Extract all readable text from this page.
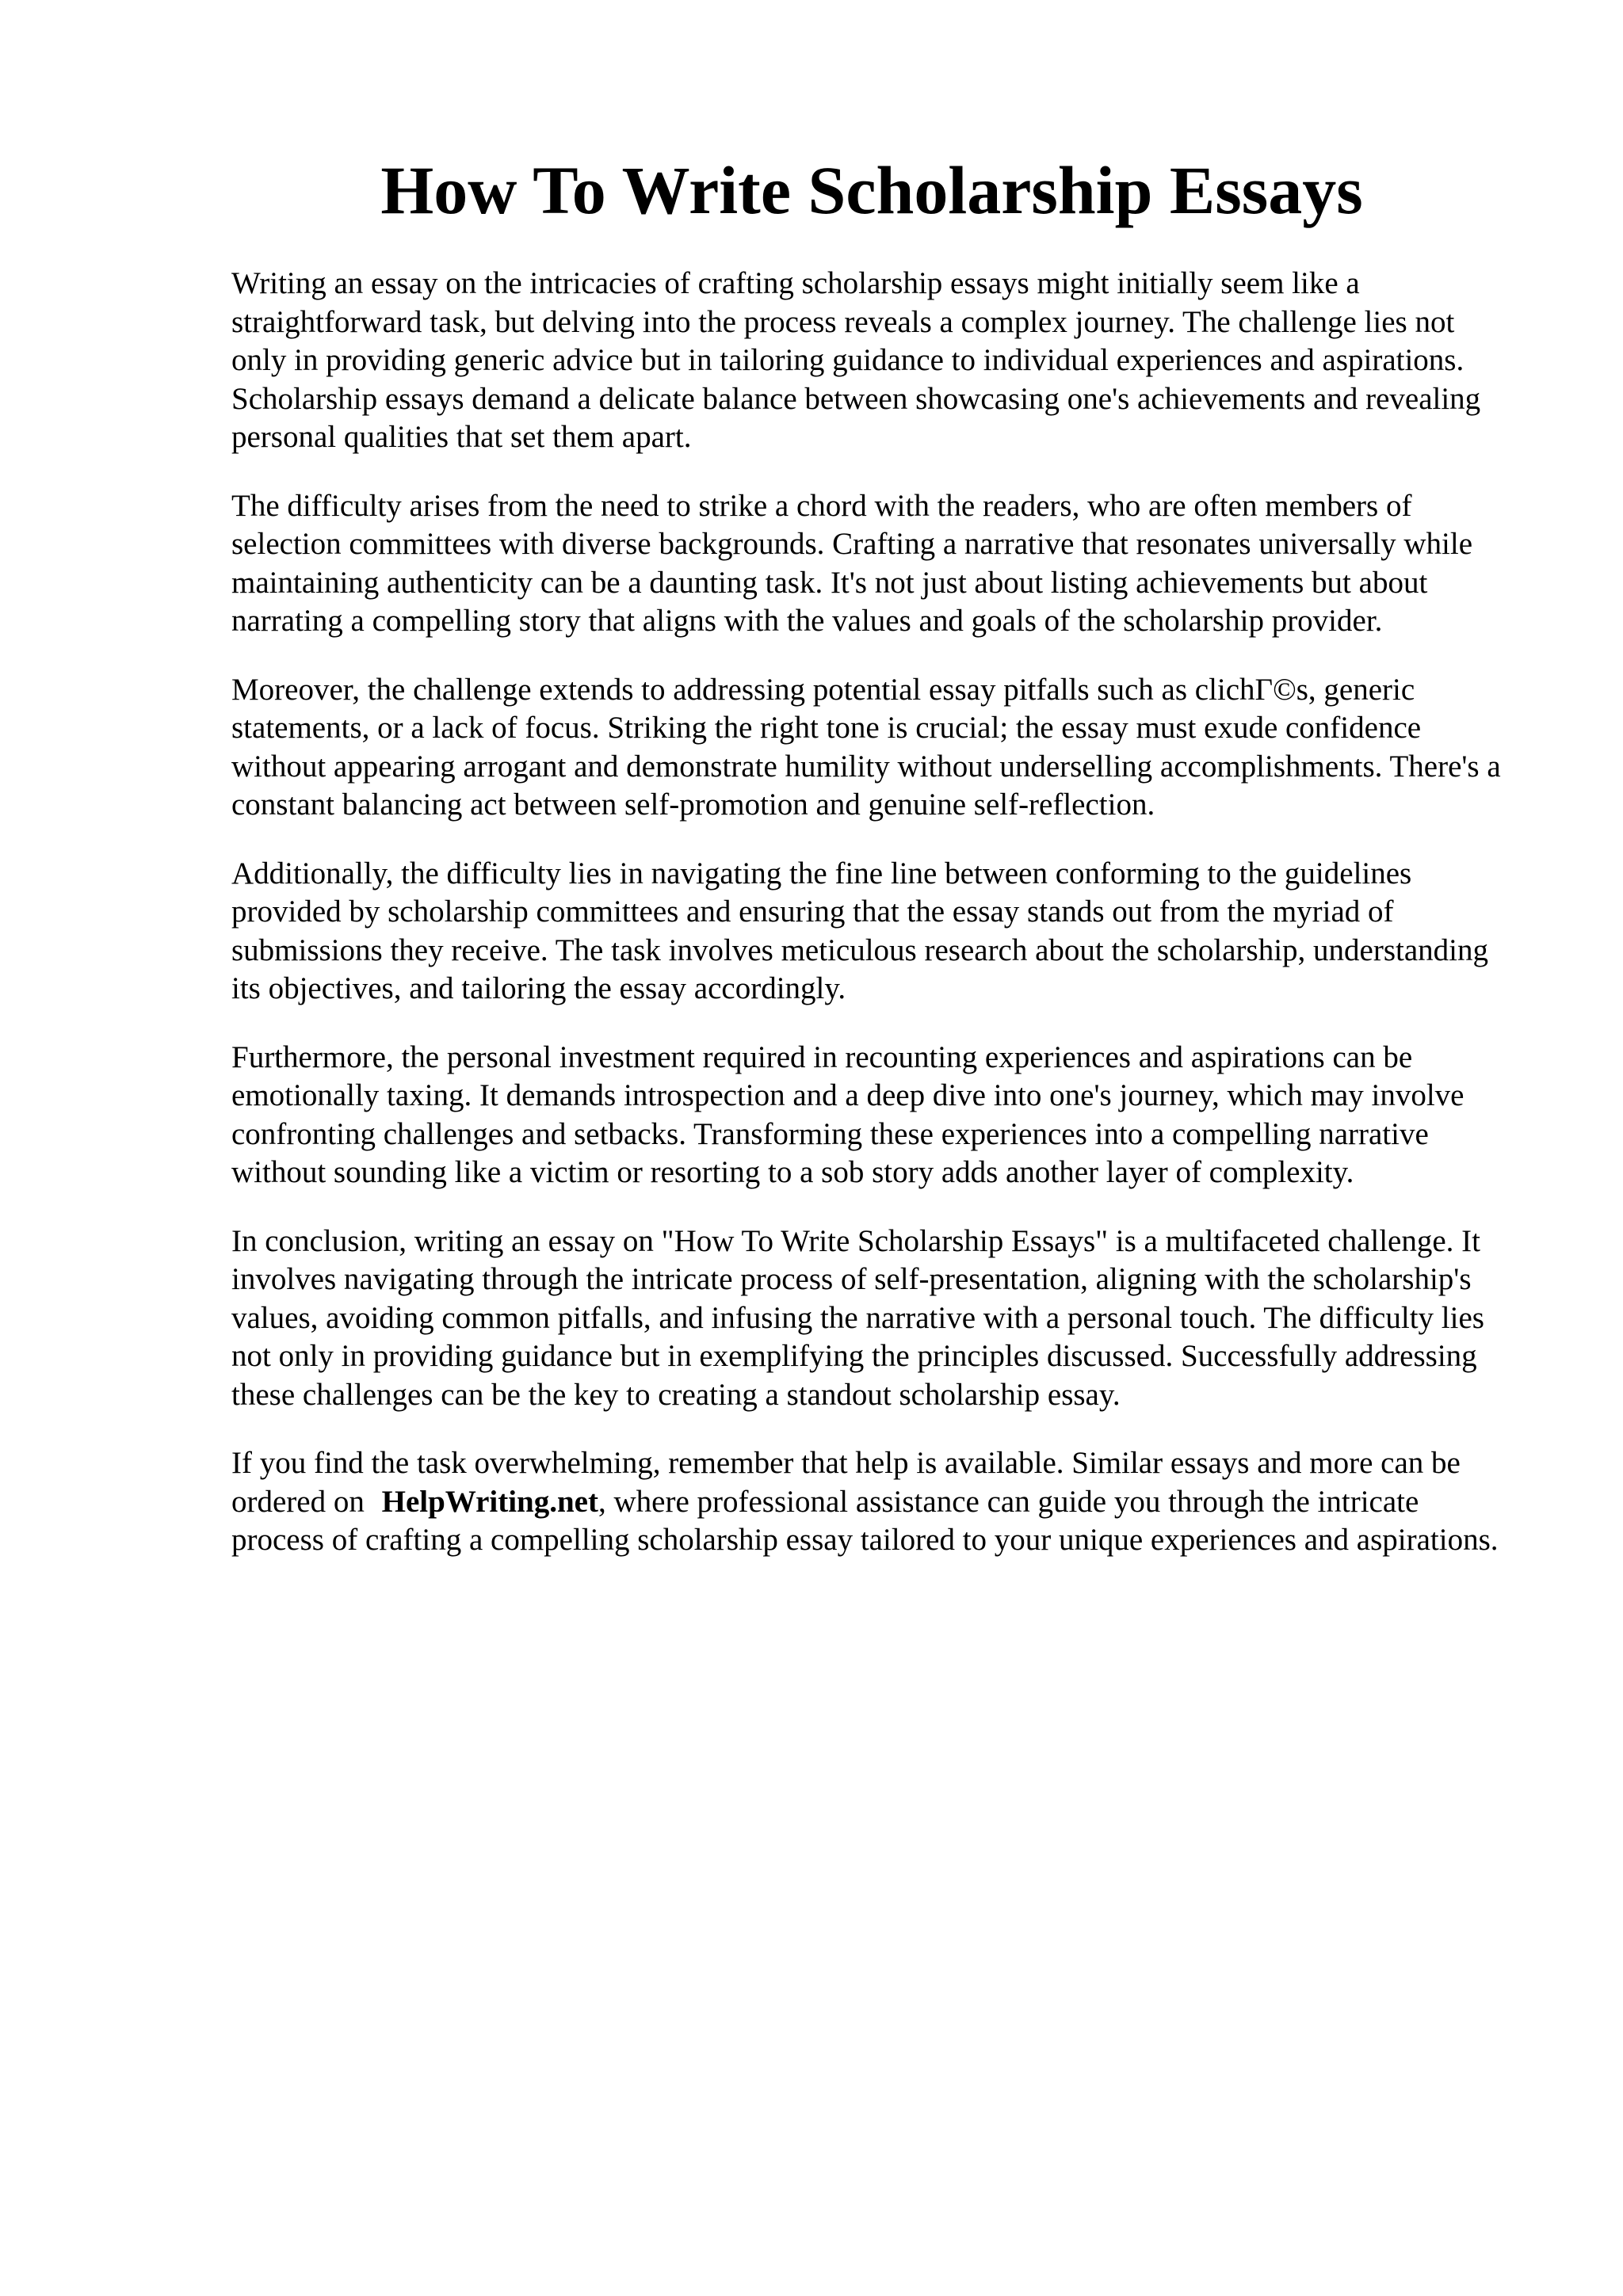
How To Write Scholarship Essays

Writing an essay on the intricacies of crafting scholarship essays might initially seem like a straightforward task, but delving into the process reveals a complex journey. The challenge lies not only in providing generic advice but in tailoring guidance to individual experiences and aspirations. Scholarship essays demand a delicate balance between showcasing one's achievements and revealing personal qualities that set them apart.

The difficulty arises from the need to strike a chord with the readers, who are often members of selection committees with diverse backgrounds. Crafting a narrative that resonates universally while maintaining authenticity can be a daunting task. It's not just about listing achievements but about narrating a compelling story that aligns with the values and goals of the scholarship provider.

Moreover, the challenge extends to addressing potential essay pitfalls such as clichΓ©s, generic statements, or a lack of focus. Striking the right tone is crucial; the essay must exude confidence without appearing arrogant and demonstrate humility without underselling accomplishments. There's a constant balancing act between self-promotion and genuine self-reflection.

Additionally, the difficulty lies in navigating the fine line between conforming to the guidelines provided by scholarship committees and ensuring that the essay stands out from the myriad of submissions they receive. The task involves meticulous research about the scholarship, understanding its objectives, and tailoring the essay accordingly.

Furthermore, the personal investment required in recounting experiences and aspirations can be emotionally taxing. It demands introspection and a deep dive into one's journey, which may involve confronting challenges and setbacks. Transforming these experiences into a compelling narrative without sounding like a victim or resorting to a sob story adds another layer of complexity.

In conclusion, writing an essay on "How To Write Scholarship Essays" is a multifaceted challenge. It involves navigating through the intricate process of self-presentation, aligning with the scholarship's values, avoiding common pitfalls, and infusing the narrative with a personal touch. The difficulty lies not only in providing guidance but in exemplifying the principles discussed. Successfully addressing these challenges can be the key to creating a standout scholarship essay.

If you find the task overwhelming, remember that help is available. Similar essays and more can be ordered on HelpWriting.net, where professional assistance can guide you through the intricate process of crafting a compelling scholarship essay tailored to your unique experiences and aspirations.
